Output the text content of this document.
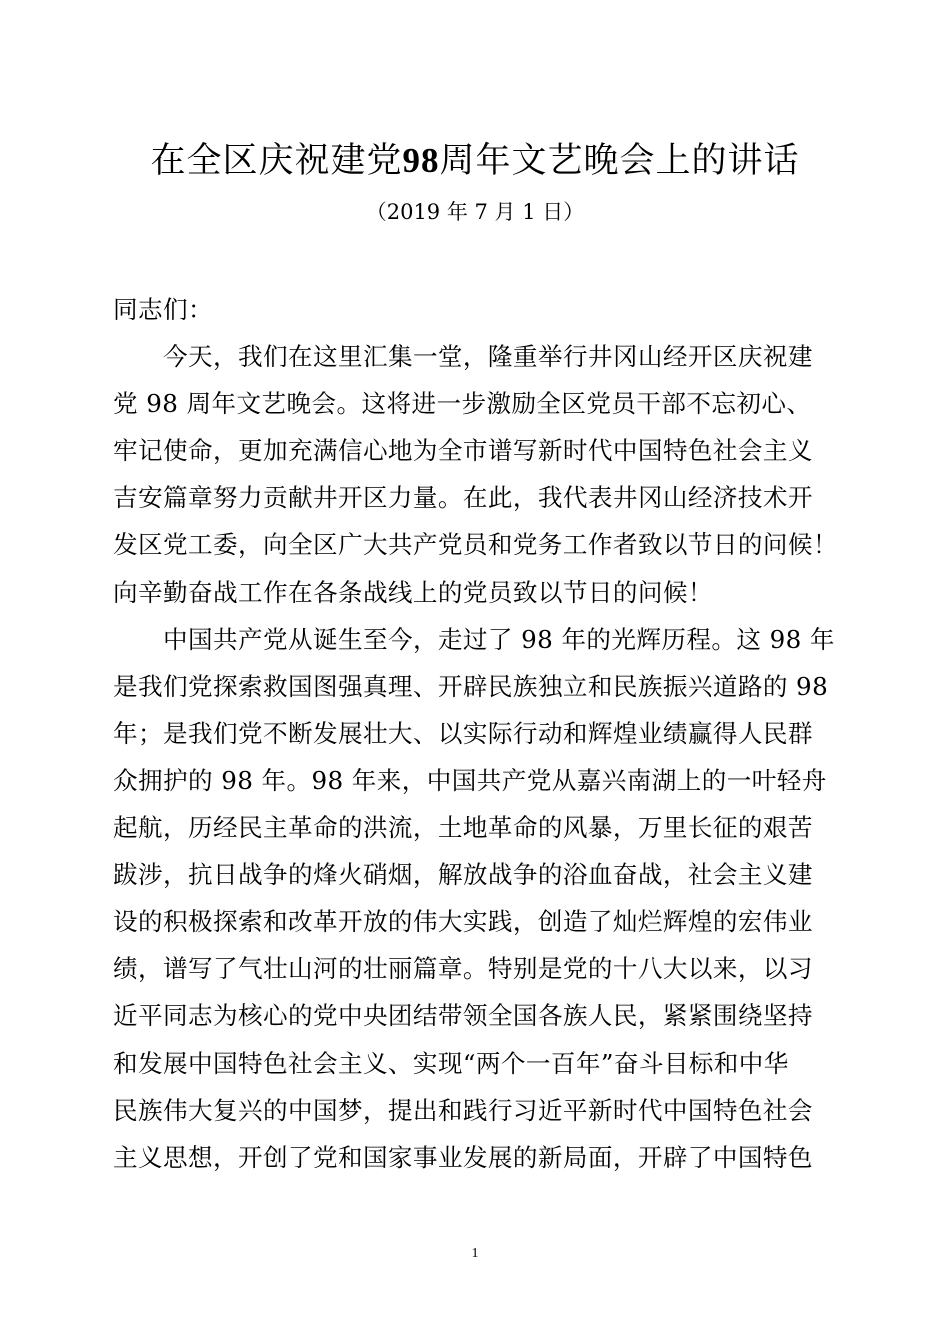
在全区庆祝建党98周年文艺晚会上的讲话
（2019 年 7 月 1 日）
同志们：
今天，我们在这里汇集一堂，隆重举行井冈山经开区庆祝建
党 98 周年文艺晚会。这将进一步激励全区党员干部不忘初心、
牢记使命，更加充满信心地为全市谱写新时代中国特色社会主义
吉安篇章努力贡献井开区力量。在此，我代表井冈山经济技术开
发区党工委，向全区广大共产党员和党务工作者致以节日的问候！
向辛勤奋战工作在各条战线上的党员致以节日的问候！
中国共产党从诞生至今，走过了 98 年的光辉历程。这 98 年
是我们党探索救国图强真理、开辟民族独立和民族振兴道路的 98
年；是我们党不断发展壮大、以实际行动和辉煌业绩赢得人民群
众拥护的 98 年。98 年来，中国共产党从嘉兴南湖上的一叶轻舟
起航，历经民主革命的洪流，土地革命的风暴，万里长征的艰苦
跋涉，抗日战争的烽火硝烟，解放战争的浴血奋战，社会主义建
设的积极探索和改革开放的伟大实践，创造了灿烂辉煌的宏伟业
绩，谱写了气壮山河的壮丽篇章。特别是党的十八大以来，以习
近平同志为核心的党中央团结带领全国各族人民，紧紧围绕坚持
和发展中国特色社会主义、实现“两个一百年”奋斗目标和中华
民族伟大复兴的中国梦，提出和践行习近平新时代中国特色社会
主义思想，开创了党和国家事业发展的新局面，开辟了中国特色
1
